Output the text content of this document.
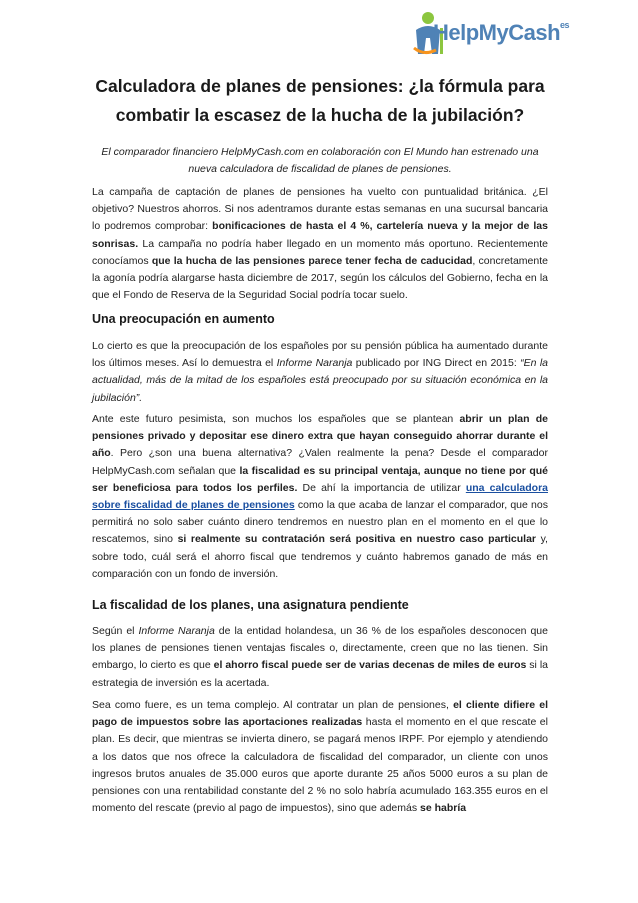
HelpMyCash$^{es}$
Calculadora de planes de pensiones: ¿la fórmula para combatir la escasez de la hucha de la jubilación?
El comparador financiero HelpMyCash.com en colaboración con El Mundo han estrenado una nueva calculadora de fiscalidad de planes de pensiones.
La campaña de captación de planes de pensiones ha vuelto con puntualidad británica. ¿El objetivo? Nuestros ahorros. Si nos adentramos durante estas semanas en una sucursal bancaria lo podremos comprobar: bonificaciones de hasta el 4 %, cartelería nueva y la mejor de las sonrisas. La campaña no podría haber llegado en un momento más oportuno. Recientemente conocíamos que la hucha de las pensiones parece tener fecha de caducidad, concretamente la agonía podría alargarse hasta diciembre de 2017, según los cálculos del Gobierno, fecha en la que el Fondo de Reserva de la Seguridad Social podría tocar suelo.
Una preocupación en aumento
Lo cierto es que la preocupación de los españoles por su pensión pública ha aumentado durante los últimos meses. Así lo demuestra el Informe Naranja publicado por ING Direct en 2015: “En la actualidad, más de la mitad de los españoles está preocupado por su situación económica en la jubilación”.
Ante este futuro pesimista, son muchos los españoles que se plantean abrir un plan de pensiones privado y depositar ese dinero extra que hayan conseguido ahorrar durante el año. Pero ¿son una buena alternativa? ¿Valen realmente la pena? Desde el comparador HelpMyCash.com señalan que la fiscalidad es su principal ventaja, aunque no tiene por qué ser beneficiosa para todos los perfiles. De ahí la importancia de utilizar una calculadora sobre fiscalidad de planes de pensiones como la que acaba de lanzar el comparador, que nos permitirá no solo saber cuánto dinero tendremos en nuestro plan en el momento en el que lo rescatemos, sino si realmente su contratación será positiva en nuestro caso particular y, sobre todo, cuál será el ahorro fiscal que tendremos y cuánto habremos ganado de más en comparación con un fondo de inversión.
La fiscalidad de los planes, una asignatura pendiente
Según el Informe Naranja de la entidad holandesa, un 36 % de los españoles desconocen que los planes de pensiones tienen ventajas fiscales o, directamente, creen que no las tienen. Sin embargo, lo cierto es que el ahorro fiscal puede ser de varias decenas de miles de euros si la estrategia de inversión es la acertada.
Sea como fuere, es un tema complejo. Al contratar un plan de pensiones, el cliente difiere el pago de impuestos sobre las aportaciones realizadas hasta el momento en el que rescate el plan. Es decir, que mientras se invierta dinero, se pagará menos IRPF. Por ejemplo y atendiendo a los datos que nos ofrece la calculadora de fiscalidad del comparador, un cliente con unos ingresos brutos anuales de 35.000 euros que aporte durante 25 años 5000 euros a su plan de pensiones con una rentabilidad constante del 2 % no solo habría acumulado 163.355 euros en el momento del rescate (previo al pago de impuestos), sino que además se habría
